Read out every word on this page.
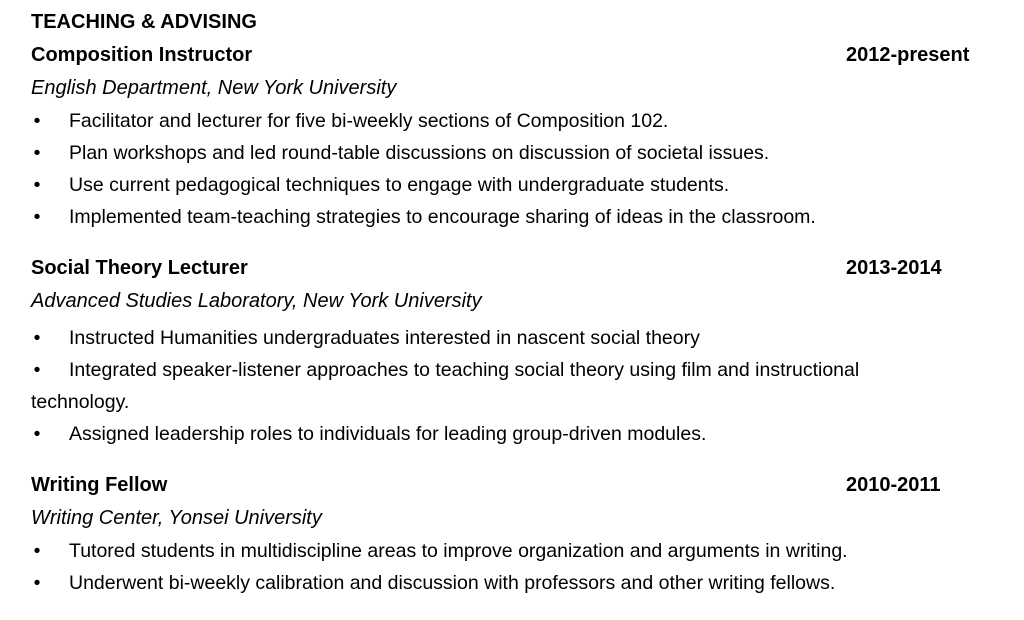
TEACHING & ADVISING
Composition Instructor	2012-present
English Department, New York University
• Facilitator and lecturer for five bi-weekly sections of Composition 102.
• Plan workshops and led round-table discussions on discussion of societal issues.
• Use current pedagogical techniques to engage with undergraduate students.
• Implemented team-teaching strategies to encourage sharing of ideas in the classroom.
Social Theory Lecturer	2013-2014
Advanced Studies Laboratory, New York University
• Instructed Humanities undergraduates interested in nascent social theory
• Integrated speaker-listener approaches to teaching social theory using film and instructional technology.
• Assigned leadership roles to individuals for leading group-driven modules.
Writing Fellow	2010-2011
Writing Center, Yonsei University
• Tutored students in multidiscipline areas to improve organization and arguments in writing.
• Underwent bi-weekly calibration and discussion with professors and other writing fellows.
